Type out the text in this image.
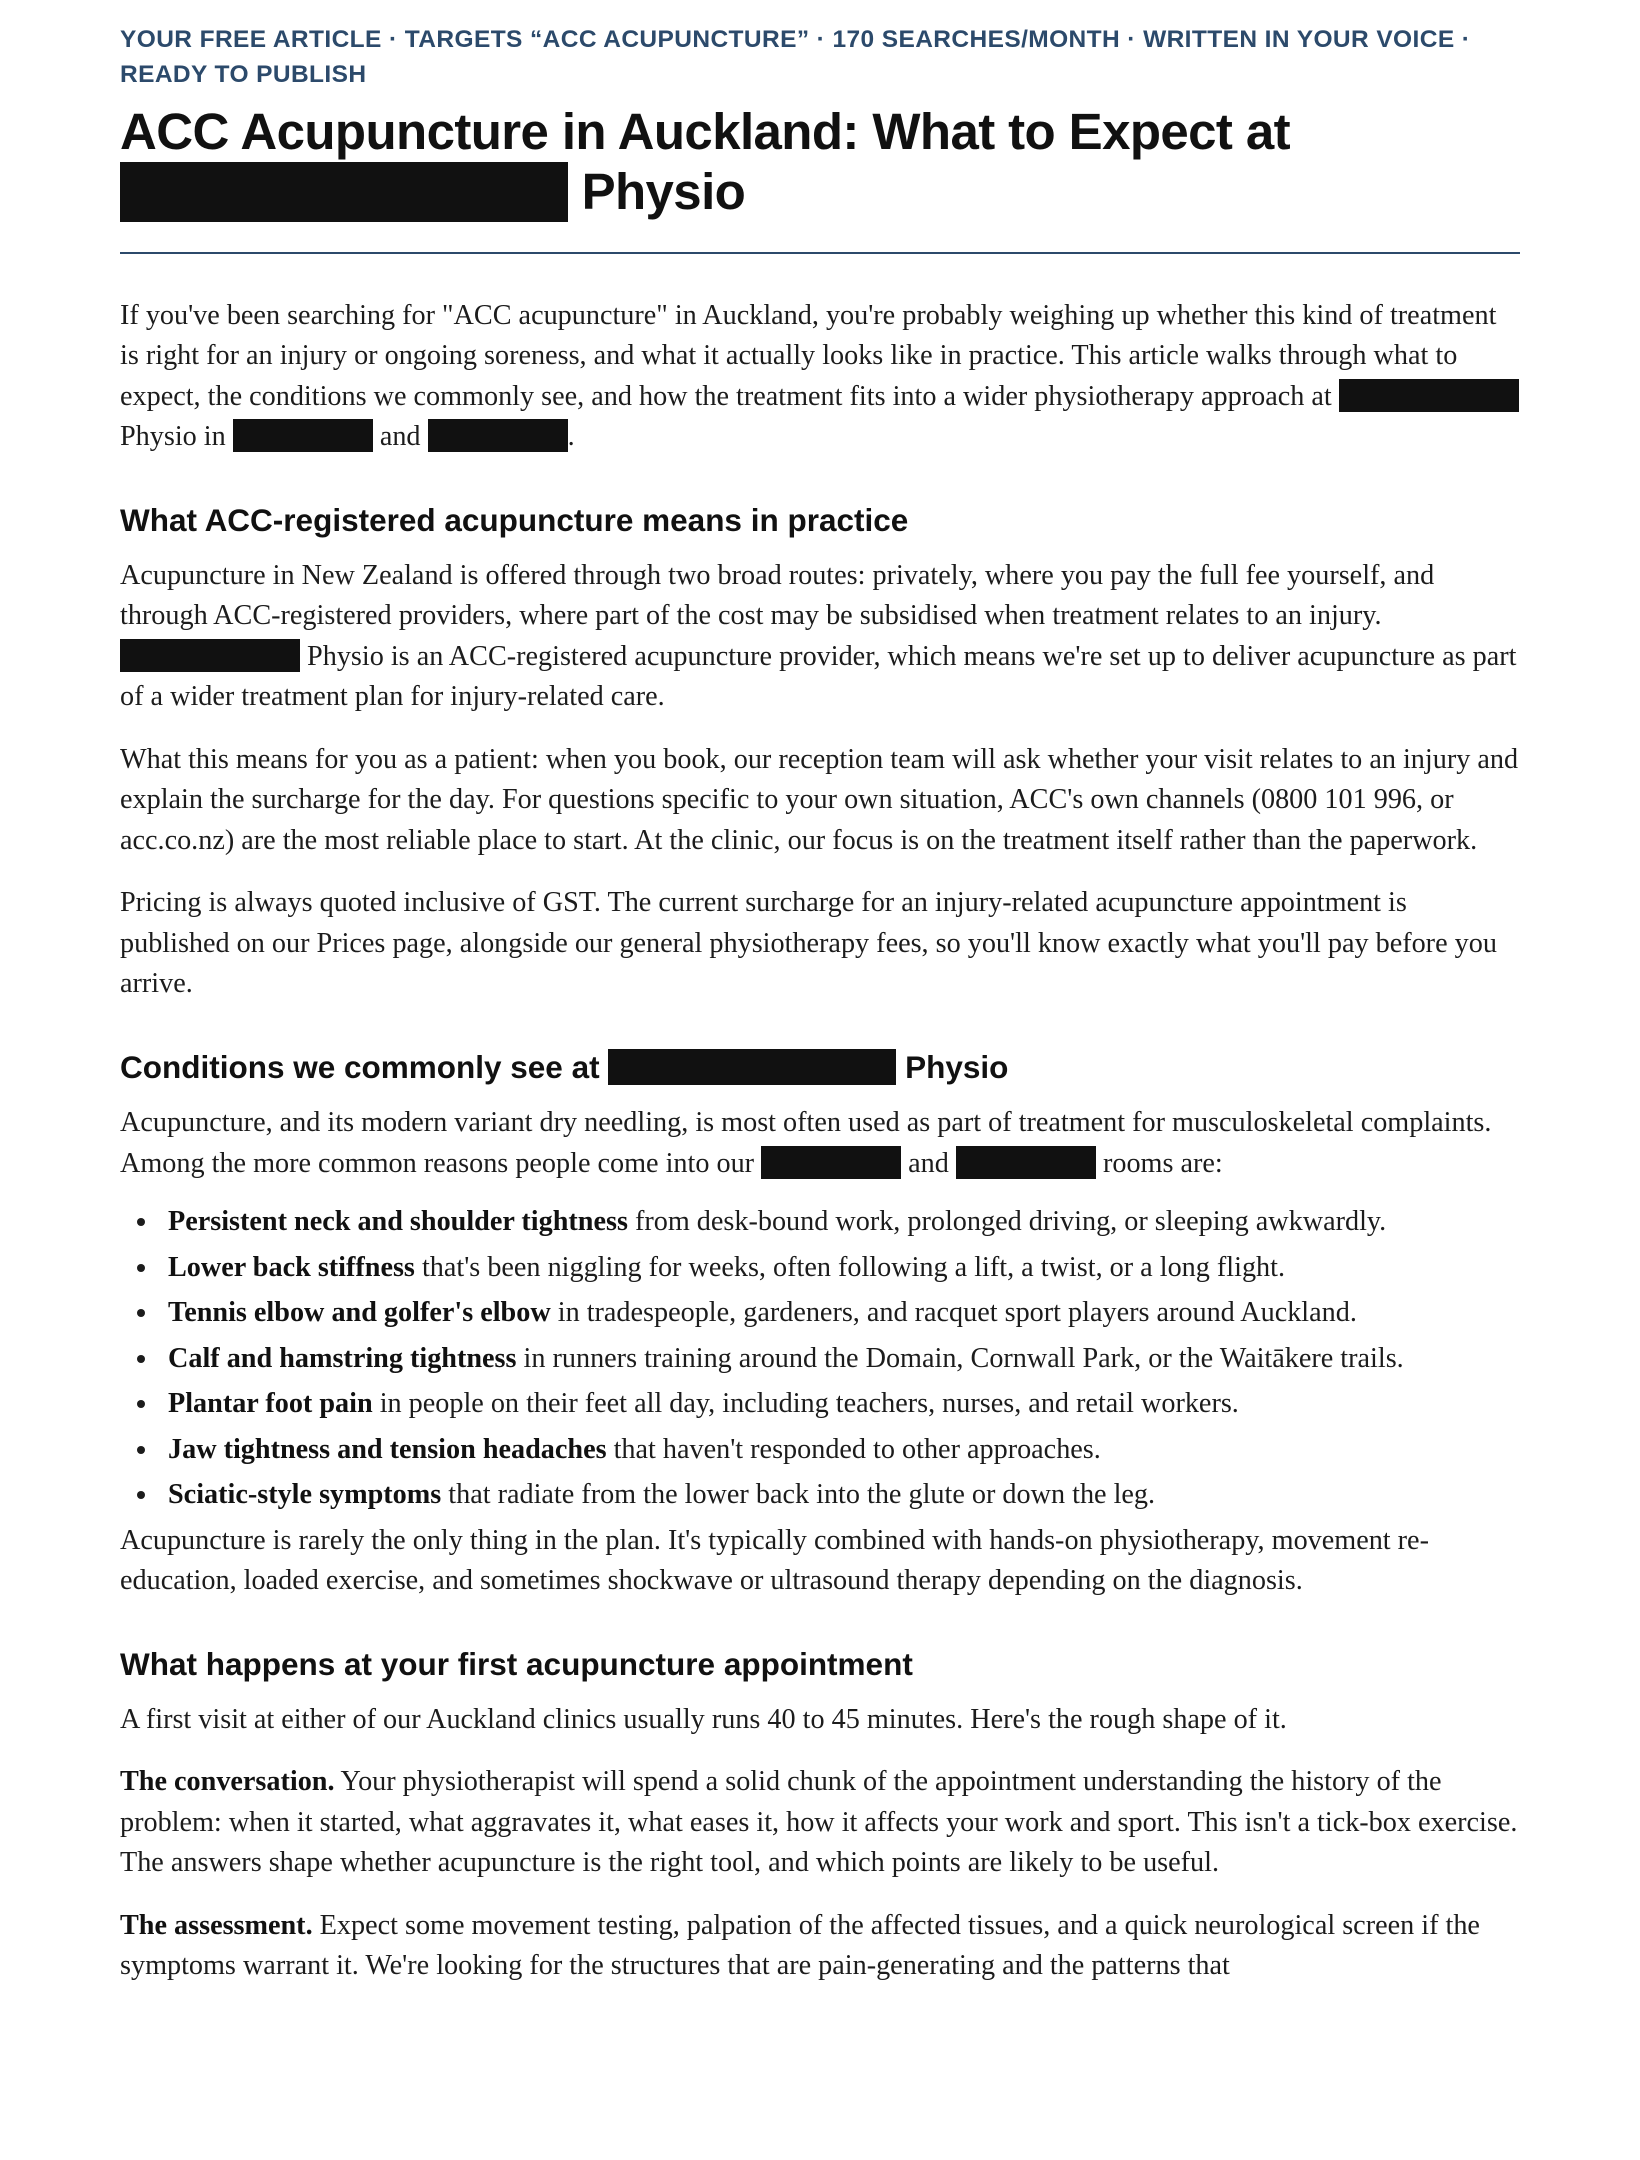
YOUR FREE ARTICLE · TARGETS “ACC ACUPUNCTURE” · 170 SEARCHES/MONTH · WRITTEN IN YOUR VOICE · READY TO PUBLISH

ACC Acupuncture in Auckland: What to Expect at
Physio

If you've been searching for "ACC acupuncture" in Auckland, you're probably weighing up whether this kind of treatment is right for an injury or ongoing soreness, and what it actually looks like in practice. This article walks through what to expect, the conditions we commonly see, and how the treatment fits into a wider physiotherapy approach at  Physio in	and	.

What ACC-registered acupuncture means in practice

Acupuncture in New Zealand is offered through two broad routes: privately, where you pay the full fee yourself, and through ACC-registered providers, where part of the cost may be subsidised when treatment relates to an injury.  Physio is an ACC-registered acupuncture provider, which means we're set up to deliver acupuncture as part of a wider treatment plan for injury-related care.

What this means for you as a patient: when you book, our reception team will ask whether your visit relates to an injury and explain the surcharge for the day. For questions specific to your own situation, ACC's own channels (0800 101 996, or acc.co.nz) are the most reliable place to start. At the clinic, our focus is on the treatment itself rather than the paperwork.

Pricing is always quoted inclusive of GST. The current surcharge for an injury-related acupuncture appointment is published on our Prices page, alongside our general physiotherapy fees, so you'll know exactly what you'll pay before you arrive.

Conditions we commonly see at	Physio

Acupuncture, and its modern variant dry needling, is most often used as part of treatment for musculoskeletal complaints. Among the more common reasons people come into our	and	rooms are:

Persistent neck and shoulder tightness from desk-bound work, prolonged driving, or sleeping awkwardly.
Lower back stiffness that's been niggling for weeks, often following a lift, a twist, or a long flight.
Tennis elbow and golfer's elbow in tradespeople, gardeners, and racquet sport players around Auckland.
Calf and hamstring tightness in runners training around the Domain, Cornwall Park, or the Waitākere trails.
Plantar foot pain in people on their feet all day, including teachers, nurses, and retail workers.
Jaw tightness and tension headaches that haven't responded to other approaches.
Sciatic-style symptoms that radiate from the lower back into the glute or down the leg.

Acupuncture is rarely the only thing in the plan. It's typically combined with hands-on physiotherapy, movement re-education, loaded exercise, and sometimes shockwave or ultrasound therapy depending on the diagnosis.

What happens at your first acupuncture appointment

A first visit at either of our Auckland clinics usually runs 40 to 45 minutes. Here's the rough shape of it.

The conversation. Your physiotherapist will spend a solid chunk of the appointment understanding the history of the problem: when it started, what aggravates it, what eases it, how it affects your work and sport. This isn't a tick-box exercise. The answers shape whether acupuncture is the right tool, and which points are likely to be useful.

The assessment. Expect some movement testing, palpation of the affected tissues, and a quick neurological screen if the symptoms warrant it. We're looking for the structures that are pain-generating and the patterns that
